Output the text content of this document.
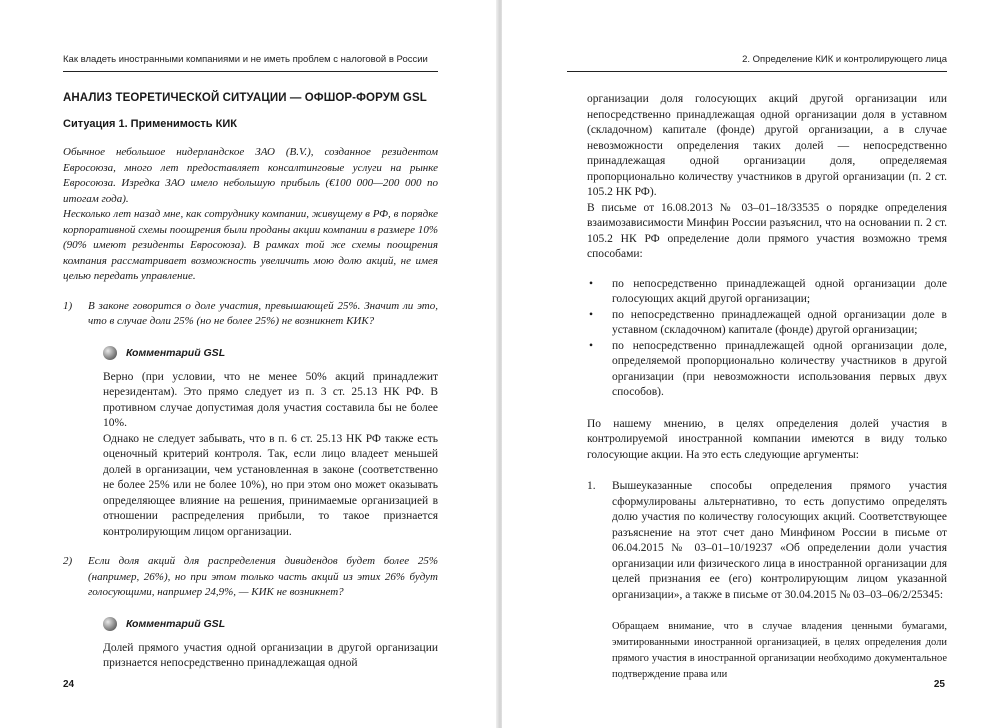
Как владеть иностранными компаниями и не иметь проблем с налоговой в России
АНАЛИЗ ТЕОРЕТИЧЕСКОЙ СИТУАЦИИ — ОФШОР-ФОРУМ GSL
Ситуация 1. Применимость КИК

Обычное небольшое нидерландское ЗАО (B.V.), созданное резидентом Евросоюза, много лет предоставляет консалтинговые услуги на рынке Евросоюза. Изредка ЗАО имело небольшую прибыль (€100 000—200 000 по итогам года).

Несколько лет назад мне, как сотруднику компании, живущему в РФ, в порядке корпоративной схемы поощрения были проданы акции компании в размере 10% (90% имеют резиденты Евросоюза). В рамках той же схемы поощрения компания рассматривает возможность увеличить мою долю акций, не имея целью передать управление.

1) В законе говорится о доле участия, превышающей 25%. Значит ли это, что в случае доли 25% (но не более 25%) не возникнет КИК?
Комментарий GSL

Верно (при условии, что не менее 50% акций принадлежит нерезидентам). Это прямо следует из п. 3 ст. 25.13 НК РФ. В противном случае допустимая доля участия составила бы не более 10%.

Однако не следует забывать, что в п. 6 ст. 25.13 НК РФ также есть оценочный критерий контроля. Так, если лицо владеет меньшей долей в организации, чем установленная в законе (соответственно не более 25% или не более 10%), но при этом оно может оказывать определяющее влияние на решения, принимаемые организацией в отношении распределения прибыли, то такое признается контролирующим лицом организации.

2) Если доля акций для распределения дивидендов будет более 25% (например, 26%), но при этом только часть акций из этих 26% будут голосующими, например 24,9%, — КИК не возникнет?
Комментарий GSL

Долей прямого участия одной организации в другой организации признается непосредственно принадлежащая одной

24
2. Определение КИК и контролирующего лица

организации доля голосующих акций другой организации или непосредственно принадлежащая одной организации доля в уставном (складочном) капитале (фонде) другой организации, а в случае невозможности определения таких долей — непосредственно принадлежащая одной организации доля, определяемая пропорционально количеству участников в другой организации (п. 2 ст. 105.2 НК РФ).

В письме от 16.08.2013 № 03–01–18/33535 о порядке определения взаимозависимости Минфин России разъяснил, что на основании п. 2 ст. 105.2 НК РФ определение доли прямого участия возможно тремя способами:

• по непосредственно принадлежащей одной организации доле голосующих акций другой организации;
• по непосредственно принадлежащей одной организации доле в уставном (складочном) капитале (фонде) другой организации;
• по непосредственно принадлежащей одной организации доле, определяемой пропорционально количеству участников в другой организации (при невозможности использования первых двух способов).

По нашему мнению, в целях определения долей участия в контролируемой иностранной компании имеются в виду только голосующие акции. На это есть следующие аргументы:

1. Вышеуказанные способы определения прямого участия сформулированы альтернативно, то есть допустимо определять долю участия по количеству голосующих акций. Соответствующее разъяснение на этот счет дано Минфином России в письме от 06.04.2015 № 03–01–10/19237 «Об определении доли участия организации или физического лица в иностранной организации для целей признания ее (его) контролирующим лицом указанной организации», а также в письме от 30.04.2015 № 03–03–06/2/25345:

Обращаем внимание, что в случае владения ценными бумагами, эмитированными иностранной организацией, в целях определения доли прямого участия в иностранной организации необходимо документальное подтверждение права или

25
